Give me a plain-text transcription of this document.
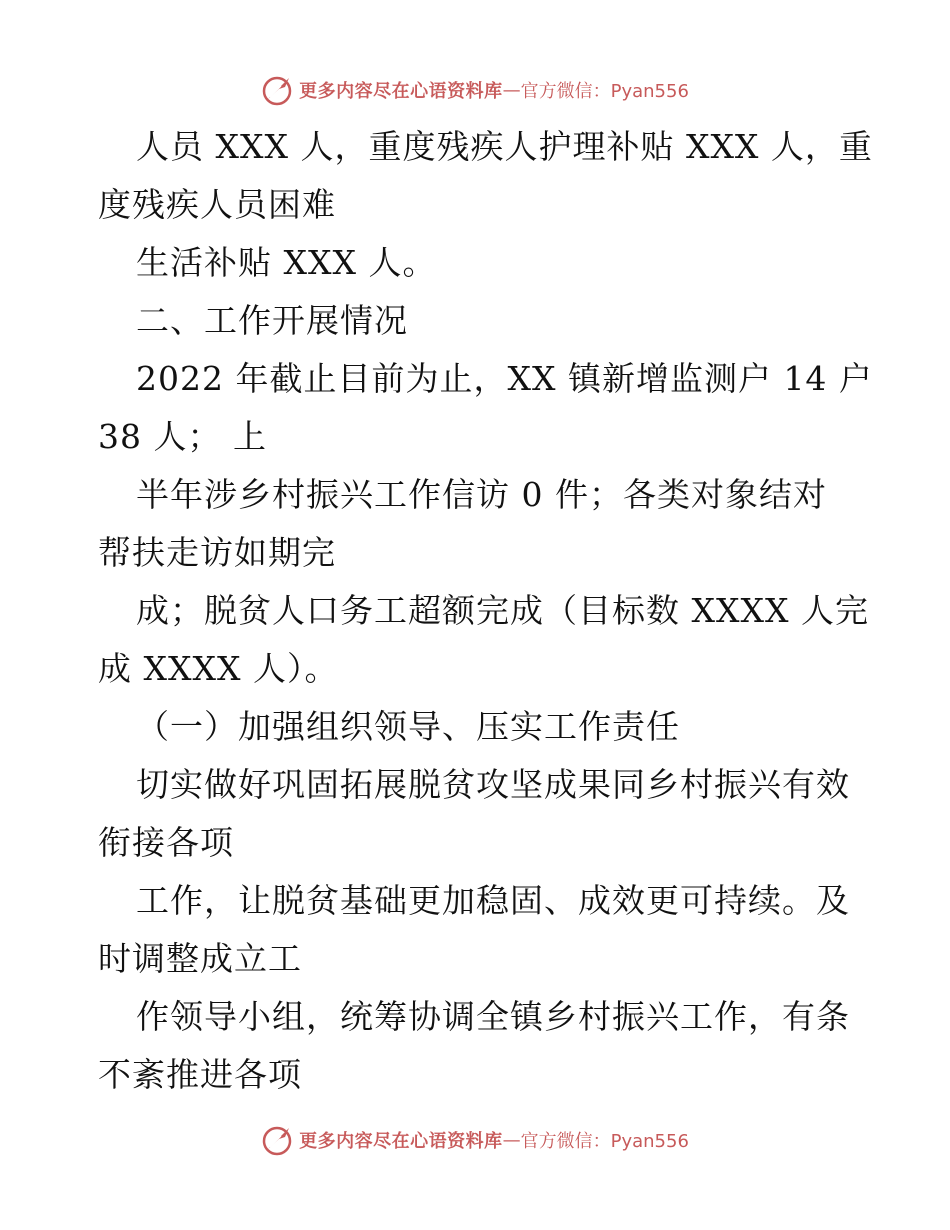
更多内容尽在心语资料库 — 官方微信：Pyan556
人员 XXX 人，重度残疾人护理补贴 XXX 人，重
度残疾人员困难
生活补贴 XXX 人。
二、工作开展情况
2022 年截止目前为止，XX 镇新增监测户 14 户
38 人； 上
半年涉乡村振兴工作信访 0 件；各类对象结对
帮扶走访如期完
成；脱贫人口务工超额完成（目标数 XXXX 人完
成 XXXX 人）。
（一）加强组织领导、压实工作责任
切实做好巩固拓展脱贫攻坚成果同乡村振兴有效
衔接各项
工作，让脱贫基础更加稳固、成效更可持续。及
时调整成立工
作领导小组，统筹协调全镇乡村振兴工作，有条
不紊推进各项
更多内容尽在心语资料库 — 官方微信：Pyan556
